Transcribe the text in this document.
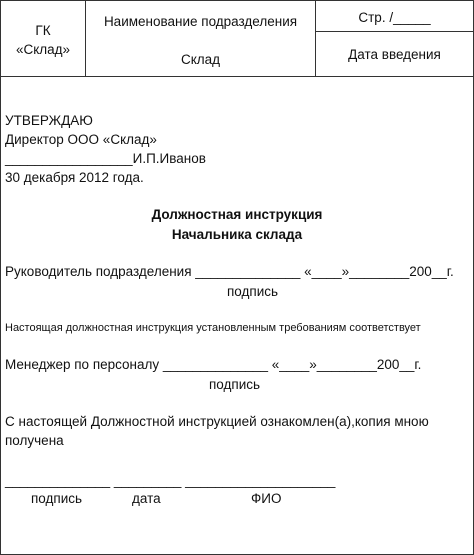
ГК
«Склад»
Наименование подразделения
Склад
Стр. /_____
Дата введения
УТВЕРЖДАЮ
Директор ООО «Склад»
_________________И.П.Иванов
30 декабря 2012 года.
Должностная инструкция
Начальника склада
Руководитель подразделения ______________ «____»________200__г.
подпись
Настоящая должностная инструкция установленным требованиям соответствует
Менеджер по персоналу ______________ «____»________200__г.
подпись
С настоящей Должностной инструкцией ознакомлен(а),копия мною
получена
______________ _________ ____________________
подпись	дата	ФИО
